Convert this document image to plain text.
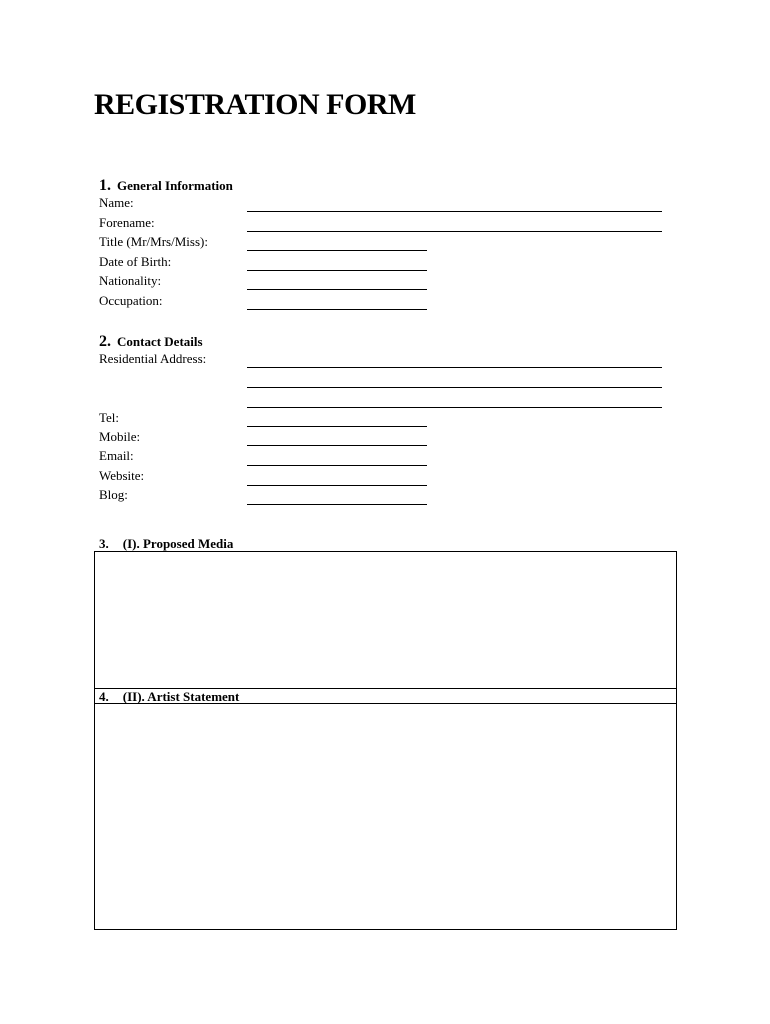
REGISTRATION FORM
1. General Information
Name:
Forename:
Title (Mr/Mrs/Miss):
Date of Birth:
Nationality:
Occupation:
2. Contact Details
Residential Address:
Tel:
Mobile:
Email:
Website:
Blog:
3. (I). Proposed Media
4. (II). Artist Statement
